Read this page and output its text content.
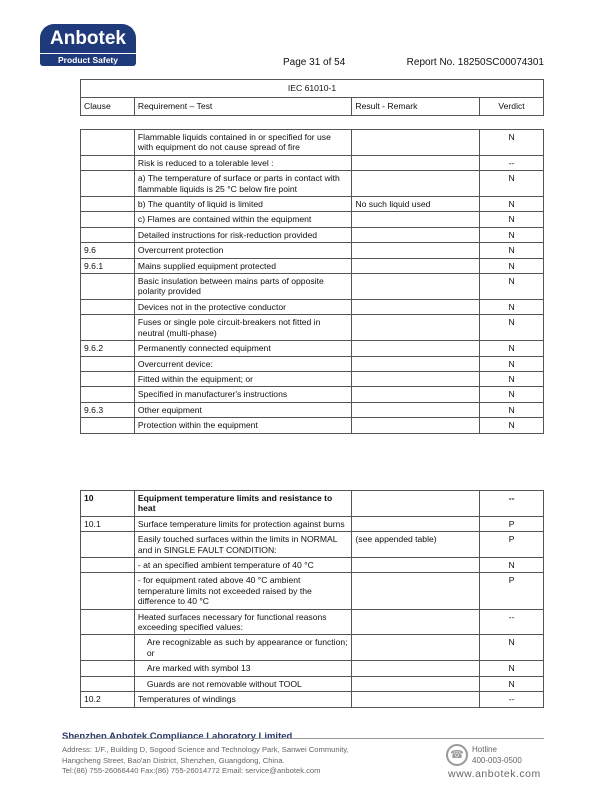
Anbotek
Product Safety	Page 31 of 54	Report No. 18250SC00074301
IEC 61010-1
Clause	Requirement – Test	Result - Remark	Verdict
	Flammable liquids contained in or specified for use with equipment do not cause spread of fire		N
	Risk is reduced to a tolerable level :		--
	a) The temperature of surface or parts in contact with flammable liquids is 25 °C below fire point		N
	b) The quantity of liquid is limited	No such liquid used	N
	c) Flames are contained within the equipment		N
	Detailed instructions for risk-reduction provided		N
9.6	Overcurrent protection		N
9.6.1	Mains supplied equipment protected		N
	Basic insulation between mains parts of opposite polarity provided		N
	Devices not in the protective conductor		N
	Fuses or single pole circuit-breakers not fitted in neutral (multi-phase)		N
9.6.2	Permanently connected equipment		N
	Overcurrent device:		N
	Fitted within the equipment; or		N
	Specified in manufacturer's instructions		N
9.6.3	Other equipment		N
	Protection within the equipment		N
10	Equipment temperature limits and resistance to heat		--
10.1	Surface temperature limits for protection against burns		P
	Easily touched surfaces within the limits in NORMAL and in SINGLE FAULT CONDITION:	(see appended table)	P
	- at an specified ambient temperature of 40 °C		N
	- for equipment rated above 40 °C ambient temperature limits not exceeded raised by the difference to 40 °C		P
	Heated surfaces necessary for functional reasons exceeding specified values:		--
	Are recognizable as such by appearance or function; or		N
	Are marked with symbol 13		N
	Guards are not removable without TOOL		N
10.2	Temperatures of windings		--
Shenzhen Anbotek Compliance Laboratory Limited
Address: 1/F., Building D, Sogood Science and Technology Park, Sanwei Community,
Hangcheng Street, Bao'an District, Shenzhen, Guangdong, China.
Tel:(86) 755-26066440 Fax:(86) 755-26014772 Email: service@anbotek.com
☎	Hotline
400-003-0500
www.anbotek.com
